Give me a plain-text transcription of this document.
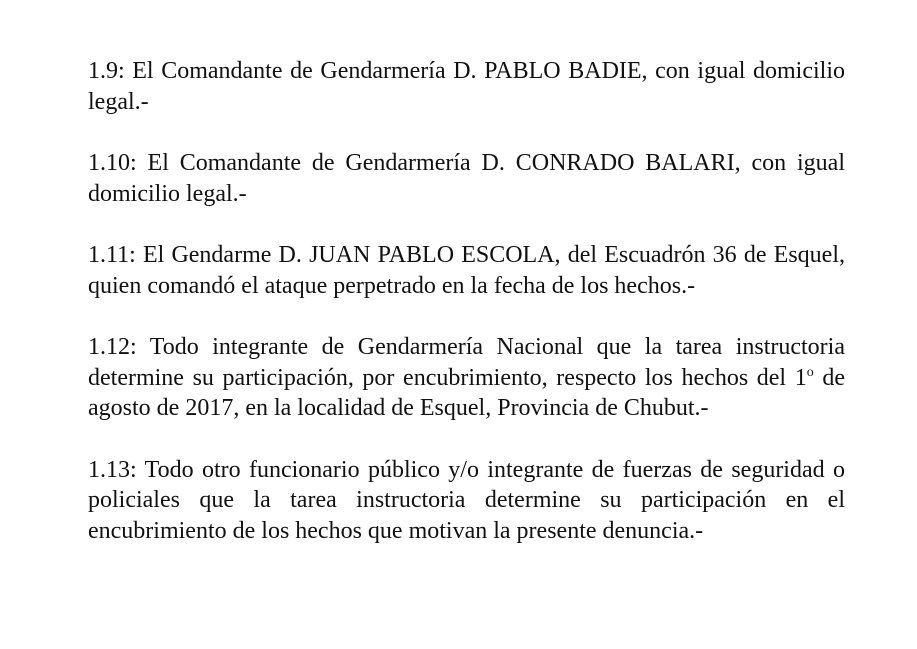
1.9: El Comandante de Gendarmería D. PABLO BADIE, con igual domicilio legal.-

1.10: El Comandante de Gendarmería D. CONRADO BALARI, con igual domicilio legal.-

1.11: El Gendarme D. JUAN PABLO ESCOLA, del Escuadrón 36 de Esquel, quien comandó el ataque perpetrado en la fecha de los hechos.-

1.12: Todo integrante de Gendarmería Nacional que la tarea instructoria determine su participación, por encubrimiento, respecto los hechos del 1$^o$ de agosto de 2017, en la localidad de Esquel, Provincia de Chubut.-

1.13: Todo otro funcionario público y/o integrante de fuerzas de seguridad o policiales que la tarea instructoria determine su participación en el encubrimiento de los hechos que motivan la presente denuncia.-
